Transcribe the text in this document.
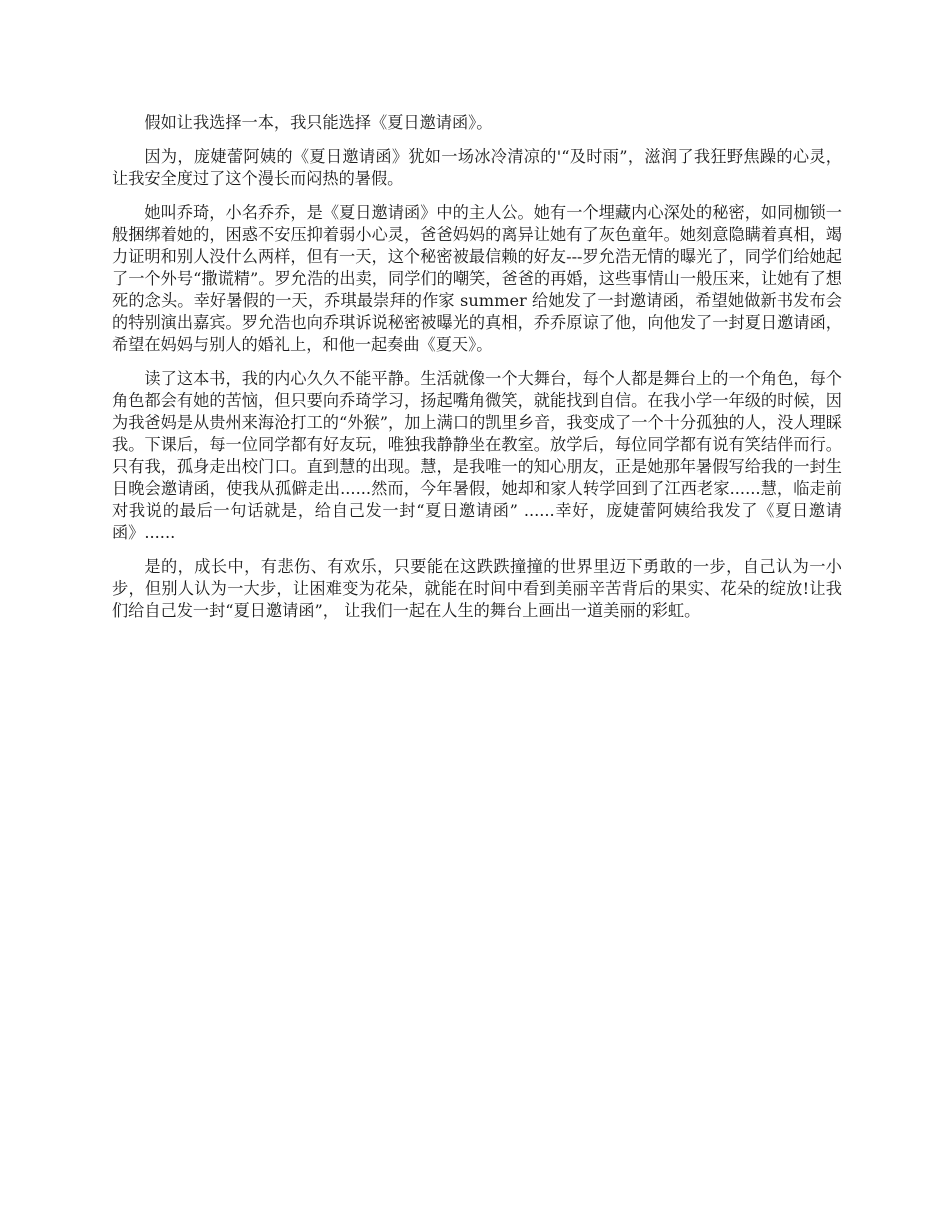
假如让我选择一本，我只能选择《夏日邀请函》。

因为，庞婕蕾阿姨的《夏日邀请函》犹如一场冰冷清凉的'“及时雨”，滋润了我狂野焦躁的心灵，让我安全度过了这个漫长而闷热的暑假。

她叫乔琦，小名乔乔，是《夏日邀请函》中的主人公。她有一个埋藏内心深处的秘密，如同枷锁一般捆绑着她的，困惑不安压抑着弱小心灵，爸爸妈妈的离异让她有了灰色童年。她刻意隐瞒着真相，竭力证明和别人没什么两样，但有一天，这个秘密被最信赖的好友---罗允浩无情的曝光了，同学们给她起了一个外号“撒谎精”。罗允浩的出卖，同学们的嘲笑，爸爸的再婚，这些事情山一般压来，让她有了想死的念头。幸好暑假的一天，乔琪最崇拜的作家 summer 给她发了一封邀请函，希望她做新书发布会的特别演出嘉宾。罗允浩也向乔琪诉说秘密被曝光的真相，乔乔原谅了他，向他发了一封夏日邀请函，希望在妈妈与别人的婚礼上，和他一起奏曲《夏天》。

读了这本书，我的内心久久不能平静。生活就像一个大舞台，每个人都是舞台上的一个角色，每个角色都会有她的苦恼，但只要向乔琦学习，扬起嘴角微笑，就能找到自信。在我小学一年级的时候，因为我爸妈是从贵州来海沧打工的“外猴”，加上满口的凯里乡音，我变成了一个十分孤独的人，没人理睬我。下课后，每一位同学都有好友玩，唯独我静静坐在教室。放学后，每位同学都有说有笑结伴而行。只有我，孤身走出校门口。直到慧的出现。慧，是我唯一的知心朋友，正是她那年暑假写给我的一封生日晚会邀请函，使我从孤僻走出......然而，今年暑假，她却和家人转学回到了江西老家......慧，临走前对我说的最后一句话就是，给自己发一封“夏日邀请函” ......幸好，庞婕蕾阿姨给我发了《夏日邀请函》......

是的，成长中，有悲伤、有欢乐，只要能在这跌跌撞撞的世界里迈下勇敢的一步，自己认为一小步，但别人认为一大步，让困难变为花朵，就能在时间中看到美丽辛苦背后的果实、花朵的绽放!让我们给自己发一封“夏日邀请函”， 让我们一起在人生的舞台上画出一道美丽的彩虹。
